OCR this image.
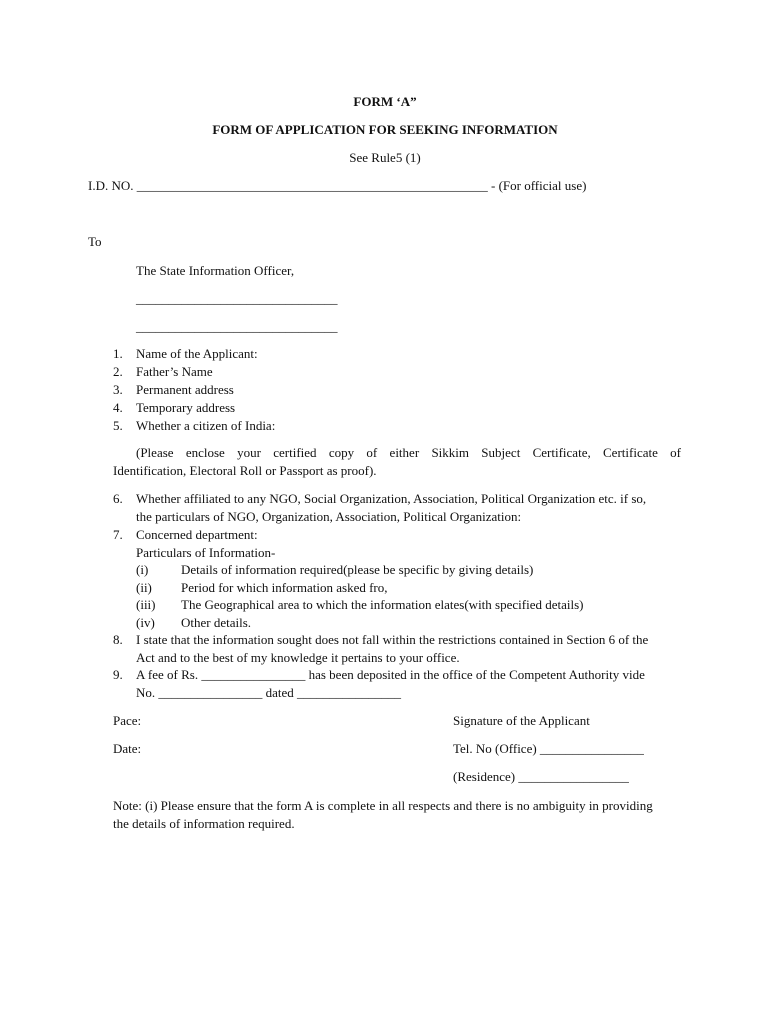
FORM ‘A”
FORM OF APPLICATION FOR SEEKING INFORMATION
See Rule5 (1)
I.D. NO. ______________________________________________________ - (For official use)
To
The State Information Officer,
_______________________________
_______________________________
1.	Name of the Applicant:
2.	Father’s Name
3.	Permanent address
4.	Temporary address
5.	Whether a citizen of India:
(Please enclose your certified copy of either Sikkim Subject Certificate, Certificate of
Identification, Electoral Roll or Passport as proof).
6.	Whether affiliated to any NGO, Social Organization, Association, Political Organization etc. if so,
the particulars of NGO, Organization, Association, Political Organization:
7.	Concerned department:
Particulars of Information-
(i)	Details of information required(please be specific by giving details)
(ii) Period for which information asked fro,
(iii) The Geographical area to which the information elates(with specified details)
(iv) Other details.
8.	I state that the information sought does not fall within the restrictions contained in Section 6 of the
Act and to the best of my knowledge it pertains to your office.
9.	A fee of Rs. ________________ has been deposited in the office of the Competent Authority vide
No. ________________ dated ________________
Pace:	Signature of the Applicant
Date:	Tel. No (Office) ________________
(Residence) _________________
Note: (i) Please ensure that the form A is complete in all respects and there is no ambiguity in providing
the details of information required.
